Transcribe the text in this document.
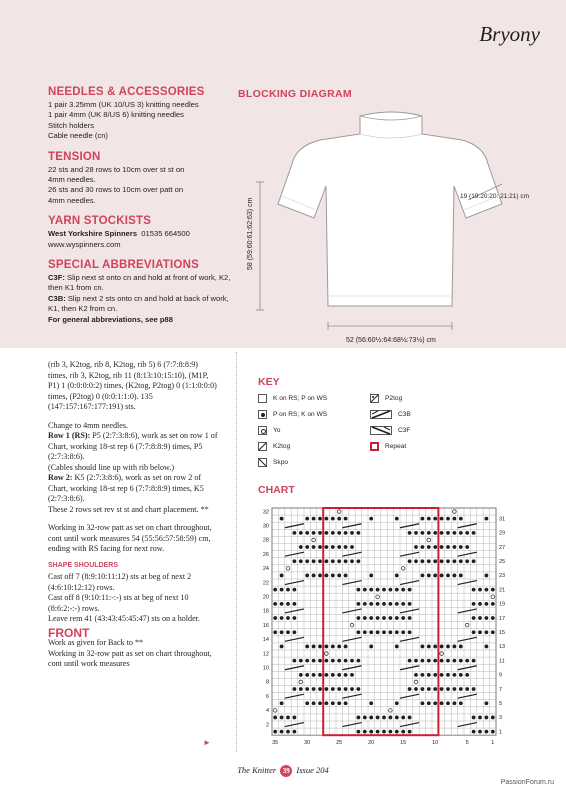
Bryony
NEEDLES & ACCESSORIES
1 pair 3.25mm (UK 10/US 3) knitting needles
1 pair 4mm (UK 8/US 6) knitting needles
Stitch holders
Cable needle (cn)
TENSION
22 sts and 28 rows to 10cm over st st on
4mm needles.
26 sts and 30 rows to 10cm over patt on
4mm needles.
YARN STOCKISTS
West Yorkshire Spinners 01535 664500
www.wyspinners.com
SPECIAL ABBREVIATIONS
C3F: Slip next st onto cn and hold at front of work, K2, then K1 from cn.
C3B: Slip next 2 sts onto cn and hold at back of work, K1, then K2 from cn.
For general abbreviations, see p88
BLOCKING DIAGRAM
58 (59:60:61:62:63) cm
19 (19:20:20: 21:21) cm
52 (56:60½:64:68½:73½) cm
(rib 3, K2tog, rib 8, K2tog, rib 5) 6 (7:7:8:8:9) times, rib 3, K2tog, rib 11 (8:13:10:15:10), (M1P, P1) 1 (0:0:0:0:2) times, (K2tog, P2tog) 0 (1:1:0:0:0) times, (P2tog) 0 (0:0:1:1:0). 135 (147:157:167:177:191) sts.
Change to 4mm needles.
Row 1 (RS): P5 (2:7:3:8:6), work as set on row 1 of Chart, working 18-st rep 6 (7:7:8:8:9) times, P5 (2:7:3:8:6).
(Cables should line up with rib below.)
Row 2: K5 (2:7:3:8:6), work as set on row 2 of Chart, working 18-st rep 6 (7:7:8:8:9) times, K5 (2:7:3:8:6).
These 2 rows set rev st st and chart placement. **
Working in 32-row patt as set on chart throughout, cont until work measures 54 (55:56:57:58:59) cm, ending with RS facing for next row.
SHAPE SHOULDERS
Cast off 7 (8:9:10:11:12) sts at beg of next 2 (4:6:10:12:12) rows.
Cast off 8 (9:10:11:-:-) sts at beg of next 10 (8:6:2:-:-) rows.
Leave rem 41 (43:43:45:45:47) sts on a holder.
FRONT
Work as given for Back to **
Working in 32-row patt as set on chart throughout, cont until work measures
►
KEY
K on RS; P on WS
P on RS; K on WS
Yo
K2tog
Skpo
P2tog
C3B
C3F
Repeat
CHART
32
30
28
26
24
22
20
18
16
14
12
10
8
6
4
2
31
29
27
25
23
21
19
17
15
13
11
9
7
5
3
1
35	30	25	20	15	10	5	1
The Knitter 39 Issue 204
PassionForum.ru
